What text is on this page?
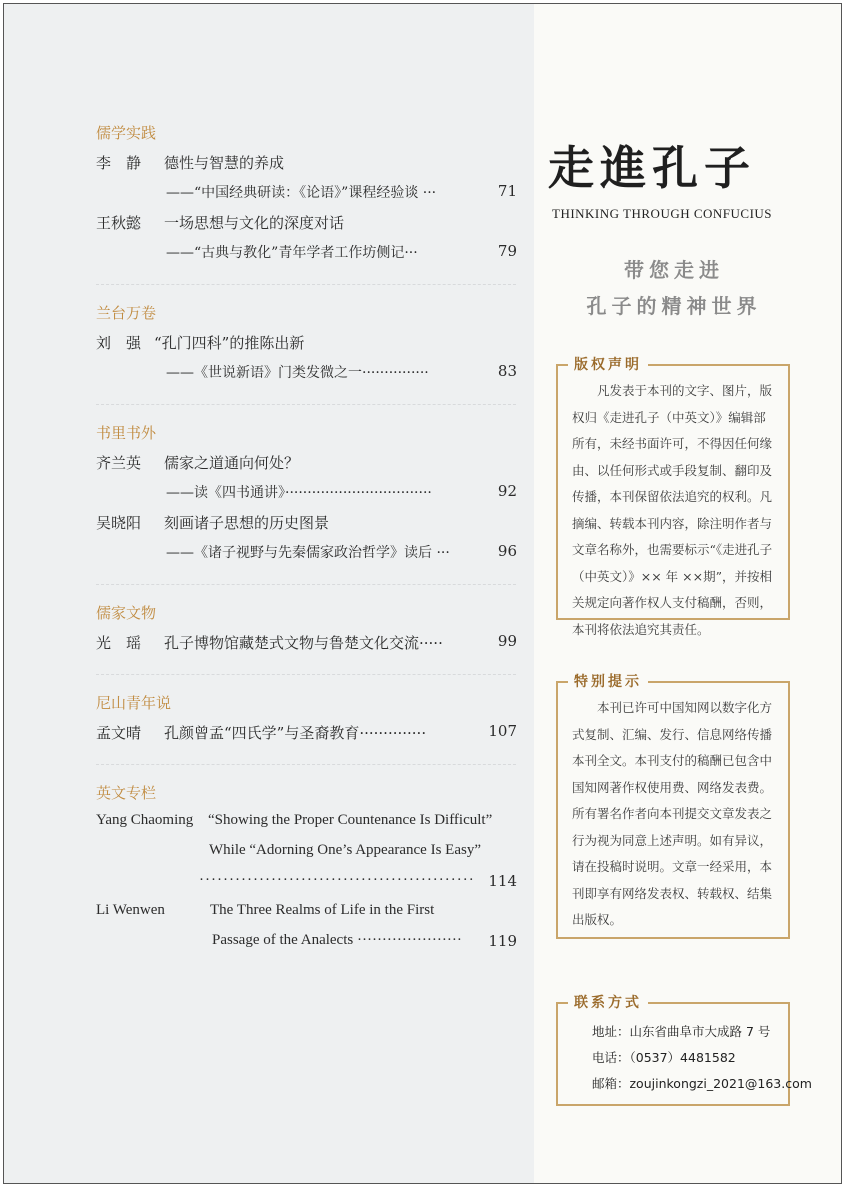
儒学实践
李　静 德性与智慧的养成
——“中国经典研读：《论语》”课程经验谈 ···	71
王秋懿 一场思想与文化的深度对话
——“古典与教化”青年学者工作坊侧记···	79
兰台万卷
刘　强 “孔门四科”的推陈出新
——《世说新语》门类发微之一···············	83
书里书外
齐兰英 儒家之道通向何处？
——读《四书通讲》·································	92
吴晓阳 刻画诸子思想的历史图景
——《诸子视野与先秦儒家政治哲学》读后 ···	96
儒家文物
光　瑶 孔子博物馆藏楚式文物与鲁楚文化交流·····	99
尼山青年说
孟文晴 孔颜曾孟“四氏学”与圣裔教育··············	107
英文专栏
Yang Chaoming “Showing the Proper Countenance Is Difficult”
While “Adorning One’s Appearance Is Easy”
·············································· 114
Li Wenwen	The Three Realms of Life in the First
Passage of the Analects ····················· 119
走進孔子
THINKING THROUGH CONFUCIUS
带您走进
孔子的精神世界
版权声明
　　凡发表于本刊的文字、图片，版权归《走进孔子（中英文）》编辑部所有，未经书面许可，不得因任何缘由、以任何形式或手段复制、翻印及传播，本刊保留依法追究的权利。凡摘编、转载本刊内容，除注明作者与文章名称外，也需要标示“《走进孔子（中英文）》×× 年 ××期”，并按相关规定向著作权人支付稿酬，否则，本刊将依法追究其责任。
特别提示
　　本刊已许可中国知网以数字化方式复制、汇编、发行、信息网络传播本刊全文。本刊支付的稿酬已包含中国知网著作权使用费、网络发表费。所有署名作者向本刊提交文章发表之行为视为同意上述声明。如有异议，请在投稿时说明。文章一经采用，本刊即享有网络发表权、转载权、结集出版权。
联系方式
地址：山东省曲阜市大成路 7 号
电话：（0537）4481582
邮箱：zoujinkongzi_2021@163.com
